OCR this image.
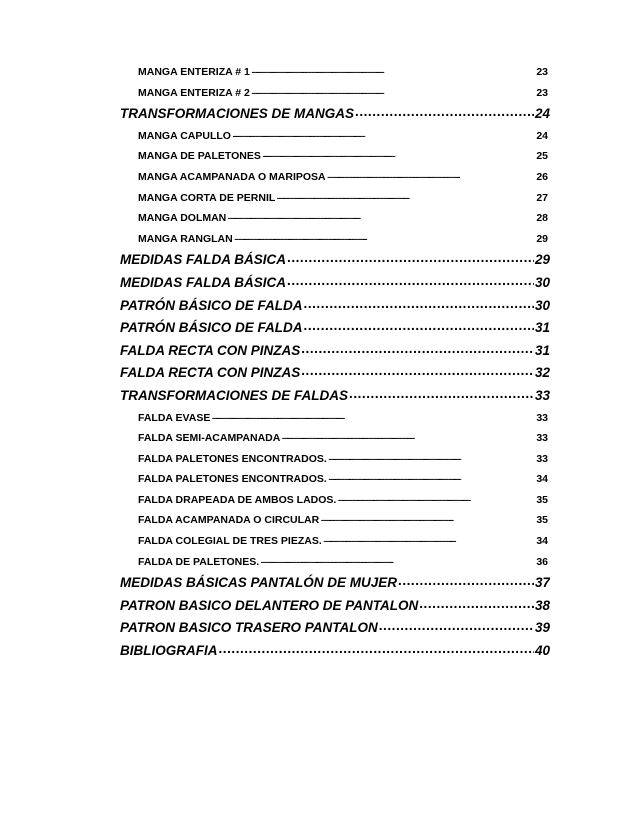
MANGA ENTERIZA # 1 . . .	23
MANGA ENTERIZA # 2 . . .	23
TRANSFORMACIONES DE MANGAS . . .	24
MANGA CAPULLO . . .	24
MANGA DE PALETONES . . .	25
MANGA ACAMPANADA O MARIPOSA . . .	26
MANGA CORTA DE PERNIL . . .	27
MANGA DOLMAN . . .	28
MANGA RANGLAN . . .	29
MEDIDAS FALDA BÁSICA . . .	29
MEDIDAS FALDA BÁSICA . . .	30
PATRÓN BÁSICO DE FALDA . . .	30
PATRÓN BÁSICO DE FALDA . . .	31
FALDA RECTA CON PINZAS . . .	31
FALDA RECTA CON PINZAS . . .	32
TRANSFORMACIONES DE FALDAS . . .	33
FALDA EVASE . . .	33
FALDA SEMI-ACAMPANADA . . .	33
FALDA PALETONES ENCONTRADOS. . . .	33
FALDA PALETONES ENCONTRADOS. . . .	34
FALDA DRAPEADA DE AMBOS LADOS. . . .	35
FALDA ACAMPANADA O CIRCULAR . . .	35
FALDA COLEGIAL DE TRES PIEZAS. . . .	34
FALDA DE PALETONES. . . .	36
MEDIDAS BÁSICAS PANTALÓN DE MUJER . . .	37
PATRON BASICO DELANTERO DE PANTALON . . .	38
PATRON BASICO TRASERO PANTALON . . .	39
BIBLIOGRAFIA . . .	40
